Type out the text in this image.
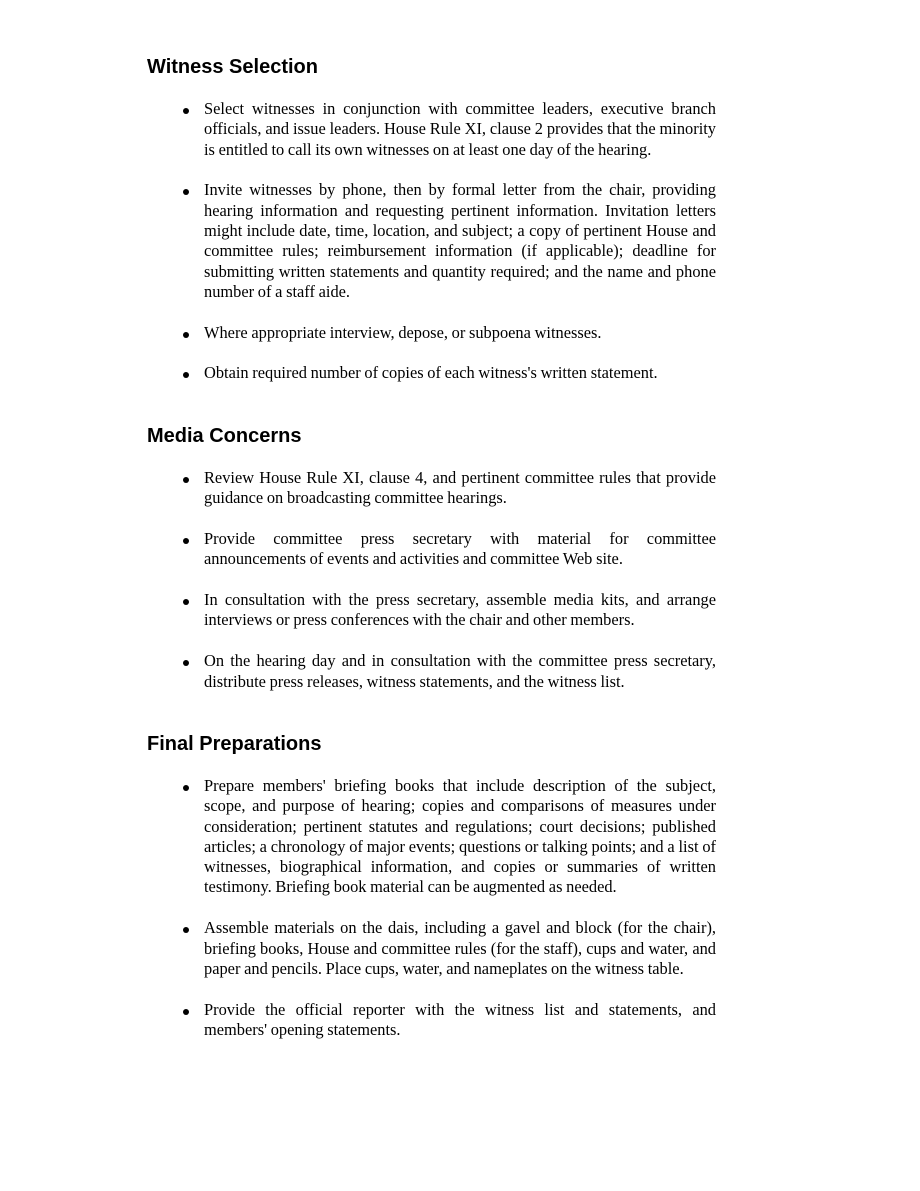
Witness Selection
Select witnesses in conjunction with committee leaders, executive branch officials, and issue leaders. House Rule XI, clause 2 provides that the minority is entitled to call its own witnesses on at least one day of the hearing.
Invite witnesses by phone, then by formal letter from the chair, providing hearing information and requesting pertinent information. Invitation letters might include date, time, location, and subject; a copy of pertinent House and committee rules; reimbursement information (if applicable); deadline for submitting written statements and quantity required; and the name and phone number of a staff aide.
Where appropriate interview, depose, or subpoena witnesses.
Obtain required number of copies of each witness's written statement.
Media Concerns
Review House Rule XI, clause 4, and pertinent committee rules that provide guidance on broadcasting committee hearings.
Provide committee press secretary with material for committee announcements of events and activities and committee Web site.
In consultation with the press secretary, assemble media kits, and arrange interviews or press conferences with the chair and other members.
On the hearing day and in consultation with the committee press secretary, distribute press releases, witness statements, and the witness list.
Final Preparations
Prepare members' briefing books that include description of the subject, scope, and purpose of hearing; copies and comparisons of measures under consideration; pertinent statutes and regulations; court decisions; published articles; a chronology of major events; questions or talking points; and a list of witnesses, biographical information, and copies or summaries of written testimony. Briefing book material can be augmented as needed.
Assemble materials on the dais, including a gavel and block (for the chair), briefing books, House and committee rules (for the staff), cups and water, and paper and pencils. Place cups, water, and nameplates on the witness table.
Provide the official reporter with the witness list and statements, and members' opening statements.
